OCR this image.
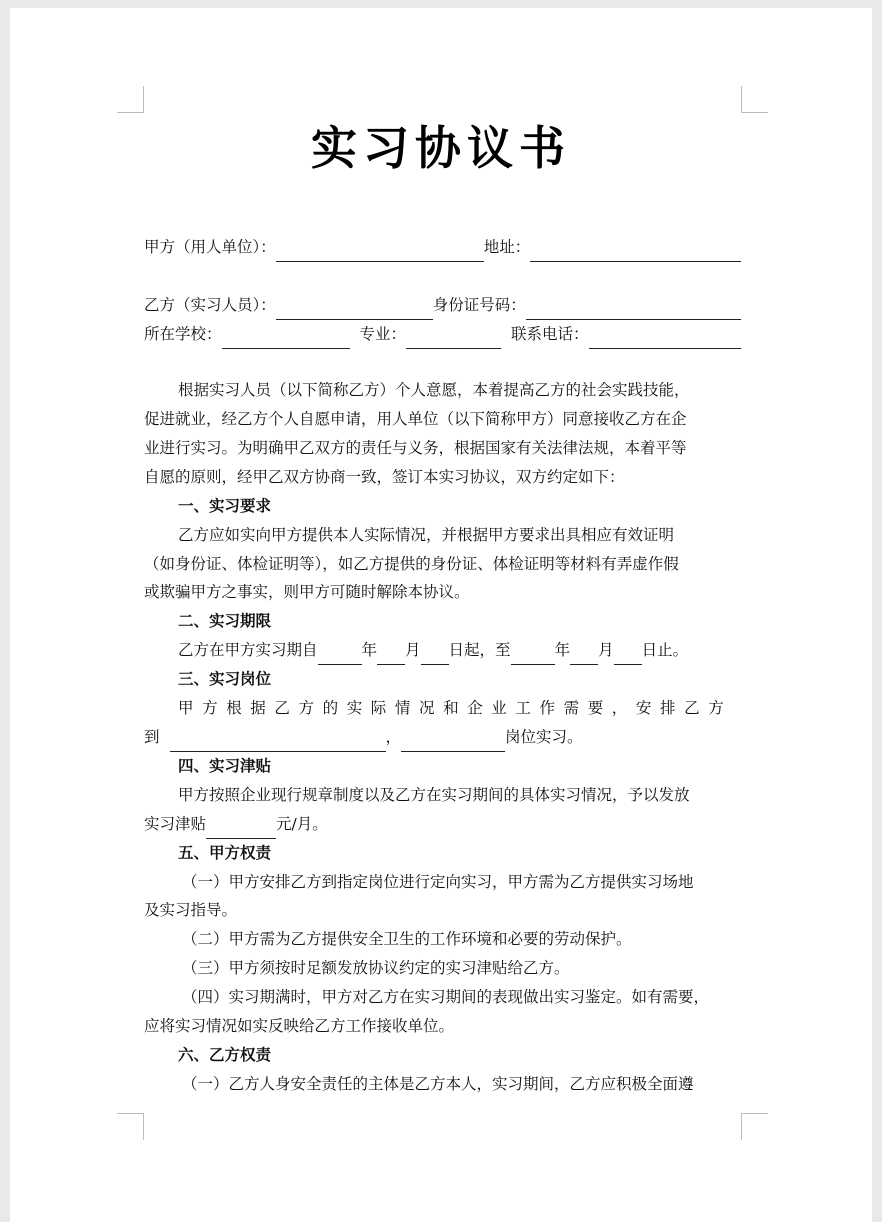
实习协议书
甲方（用人单位）：	地址：
乙方（实习人员）：	身份证号码：
所在学校：	专业：	联系电话：
根据实习人员（以下简称乙方）个人意愿，本着提高乙方的社会实践技能，
促进就业，经乙方个人自愿申请，用人单位（以下简称甲方）同意接收乙方在企
业进行实习。为明确甲乙双方的责任与义务，根据国家有关法律法规，本着平等
自愿的原则，经甲乙双方协商一致，签订本实习协议，双方约定如下：
一、实习要求
乙方应如实向甲方提供本人实际情况，并根据甲方要求出具相应有效证明
（如身份证、体检证明等），如乙方提供的身份证、体检证明等材料有弄虚作假
或欺骗甲方之事实，则甲方可随时解除本协议。
二、实习期限
乙方在甲方实习期自	年 月 日起，至	年 月 日止。
三、实习岗位
甲方根据乙方的实际情况和企业工作需要，安排乙方
到	，	岗位实习。
四、实习津贴
甲方按照企业现行规章制度以及乙方在实习期间的具体实习情况，予以发放
实习津贴	元/月。
五、甲方权责
（一）甲方安排乙方到指定岗位进行定向实习，甲方需为乙方提供实习场地
及实习指导。
（二）甲方需为乙方提供安全卫生的工作环境和必要的劳动保护。
（三）甲方须按时足额发放协议约定的实习津贴给乙方。
（四）实习期满时，甲方对乙方在实习期间的表现做出实习鉴定。如有需要，
应将实习情况如实反映给乙方工作接收单位。
六、乙方权责
（一）乙方人身安全责任的主体是乙方本人，实习期间，乙方应积极全面遵
